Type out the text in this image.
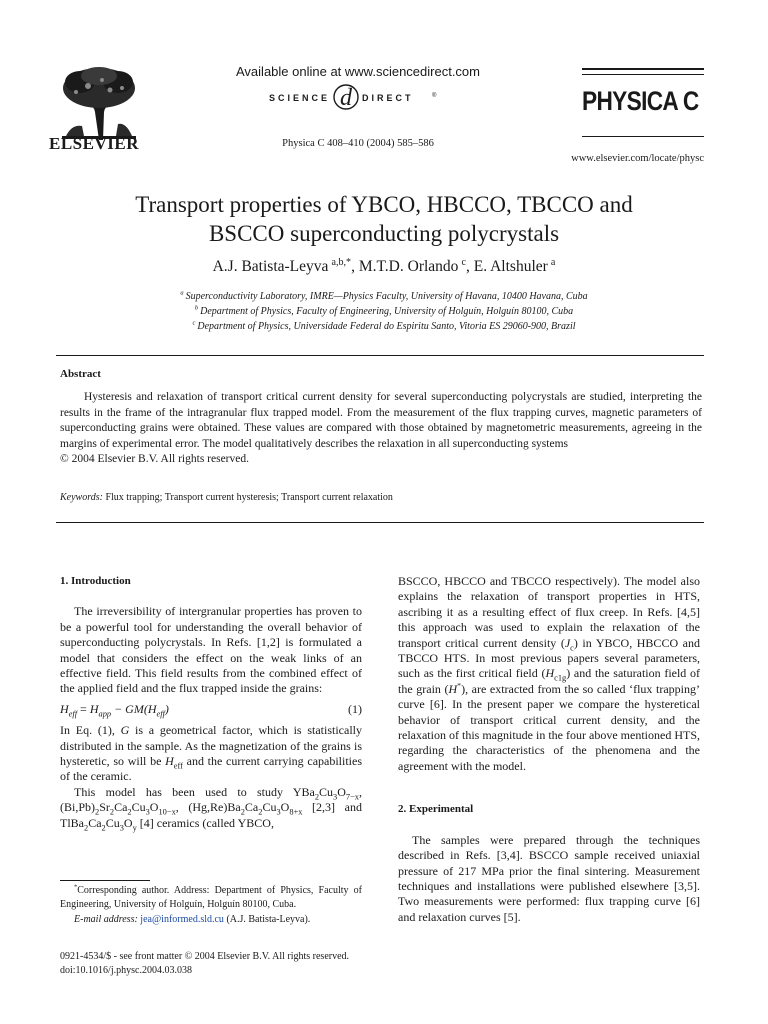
ELSEVIER
Available online at www.sciencedirect.com
SCIENCE d DIRECT	®
Physica C 408–410 (2004) 585–586
PHYSICA C
www.elsevier.com/locate/physc
Transport properties of YBCO, HBCCO, TBCCO and
BSCCO superconducting polycrystals
A.J. Batista-Leyva  $^{a,b,*}$, M.T.D. Orlando  $^c$, E. Altshuler  $^a$
$^a$  Superconductivity Laboratory, IMRE—Physics Faculty, University of Havana, 10400 Havana, Cuba
$^b$  Department of Physics, Faculty of Engineering, University of Holguín, Holguín 80100, Cuba
$^c$  Department of Physics, Universidade Federal do Espiritu Santo, Vitoria ES 29060-900, Brazil
Abstract

Hysteresis and relaxation of transport critical current density for several superconducting polycrystals are studied, interpreting the results in the frame of the intragranular flux trapped model. From the measurement of the flux trapping curves, magnetic parameters of superconducting grains were obtained. These values are compared with those obtained by magnetometric measurements, agreeing in the margins of experimental error. The model qualitatively describes the relaxation in all superconducting systems

© 2004 Elsevier B.V. All rights reserved.
Keywords: Flux trapping; Transport current hysteresis; Transport current relaxation
1. Introduction

The irreversibility of intergranular properties has proven to be a powerful tool for understanding the overall behavior of superconducting polycrystals. In Refs. [1,2] is formulated a model that considers the effect on the weak links of an effective field. This field results from the combined effect of the applied field and the flux trapped inside the grains:

$H_{eff} = H_{app} - GM(H_{eff})$	(1)

In Eq. (1), G is a geometrical factor, which is statistically distributed in the sample. As the magnetization of the grains is hysteretic, so will be $H_{eff}$ and the current carrying capabilities of the ceramic.

This model has been used to study $YBa_2Cu_3O_{7-x}$, $(Bi,Pb)_2Sr_2Ca_2Cu_3O_{10-x}$, $(Hg,Re)Ba_2Ca_2Cu_3O_{8+x}$ [2,3] and $TlBa_2Ca_2Cu_3O_y$ [4] ceramics (called YBCO,

BSCCO, HBCCO and TBCCO respectively). The model also explains the relaxation of transport properties in HTS, ascribing it as a resulting effect of flux creep. In Refs. [4,5] this approach was used to explain the relaxation of the transport critical current density $(J_c)$ in YBCO, HBCCO and TBCCO HTS. In most previous papers several parameters, such as the first critical field $(H_{c1g})$ and the saturation field of the grain (H*), are extracted from the so called ‘flux trapping’ curve [6]. In the present paper we compare the hysteretical behavior of transport critical current density, and the relaxation of this magnitude in the four above mentioned HTS, regarding the characteristics of the phenomena and the agreement with the model.

2. Experimental

The samples were prepared through the techniques described in Refs. [3,4]. BSCCO sample received uniaxial pressure of 217 MPa prior the final sintering. Measurement techniques and installations were published elsewhere [3,5]. Two measurements were performed: flux trapping curve [6] and relaxation curves [5].

*Corresponding author. Address: Department of Physics, Faculty of Engineering, University of Holguín, Holguín 80100, Cuba.

E-mail address: jea@informed.sld.cu (A.J. Batista-Leyva).

0921-4534/$ - see front matter © 2004 Elsevier B.V. All rights reserved.
doi:10.1016/j.physc.2004.03.038
